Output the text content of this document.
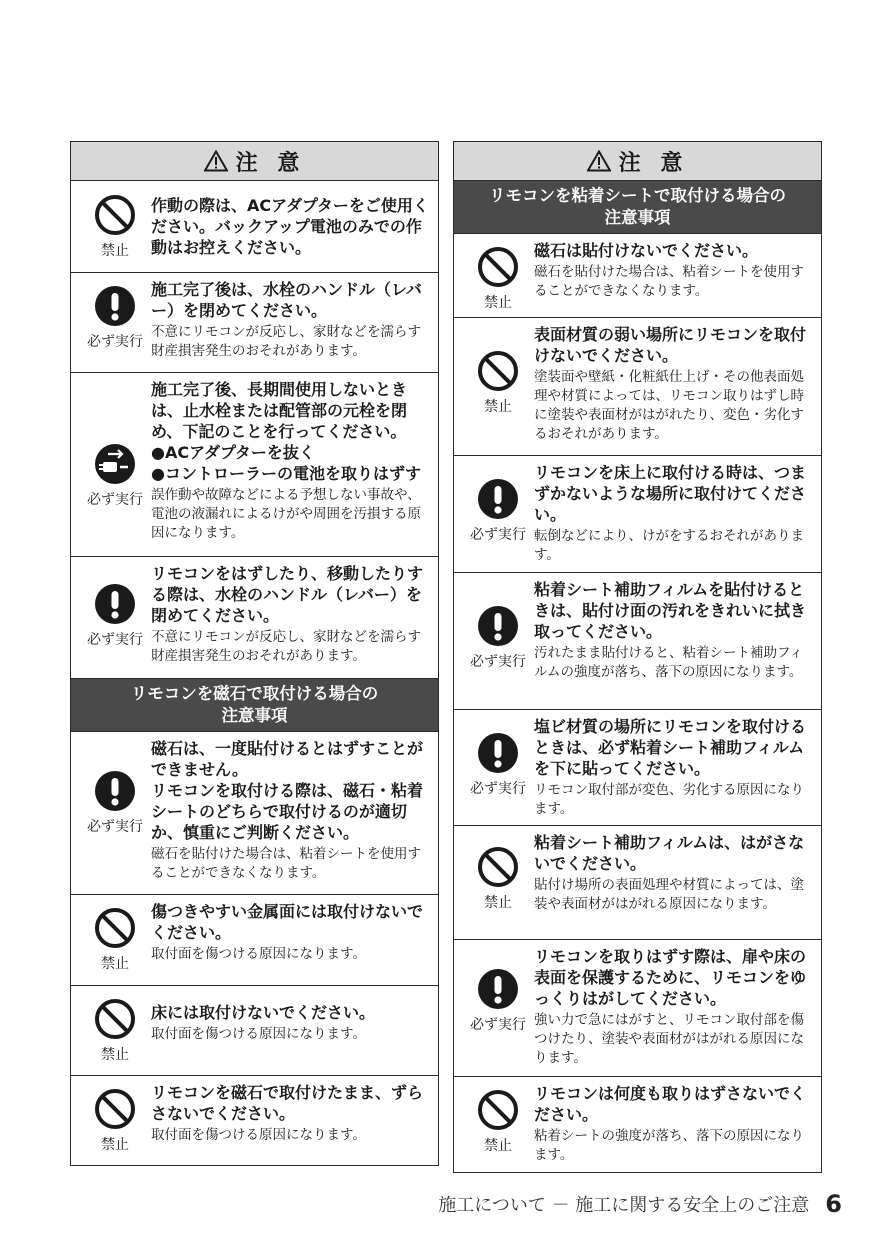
注 意
禁止
作動の際は、ACアダプターをご使用ください。バックアップ電池のみでの作動はお控えください。
必ず実行
施工完了後は、水栓のハンドル（レバー）を閉めてください。
不意にリモコンが反応し、家財などを濡らす財産損害発生のおそれがあります。
必ず実行
施工完了後、長期間使用しないときは、止水栓または配管部の元栓を閉め、下記のことを行ってください。
●ACアダプターを抜く
●コントローラーの電池を取りはずす
誤作動や故障などによる予想しない事故や、電池の液漏れによるけがや周囲を汚損する原因になります。
必ず実行
リモコンをはずしたり、移動したりする際は、水栓のハンドル（レバー）を閉めてください。
不意にリモコンが反応し、家財などを濡らす財産損害発生のおそれがあります。
リモコンを磁石で取付ける場合の
注意事項
必ず実行
磁石は、一度貼付けるとはずすことができません。
リモコンを取付ける際は、磁石・粘着シートのどちらで取付けるのが適切か、慎重にご判断ください。
磁石を貼付けた場合は、粘着シートを使用することができなくなります。
禁止
傷つきやすい金属面には取付けないでください。
取付面を傷つける原因になります。
禁止
床には取付けないでください。
取付面を傷つける原因になります。
禁止
リモコンを磁石で取付けたまま、ずらさないでください。
取付面を傷つける原因になります。
注 意
リモコンを粘着シートで取付ける場合の
注意事項
禁止
磁石は貼付けないでください。
磁石を貼付けた場合は、粘着シートを使用することができなくなります。
禁止
表面材質の弱い場所にリモコンを取付けないでください。
塗装面や壁紙・化粧紙仕上げ・その他表面処理や材質によっては、リモコン取りはずし時に塗装や表面材がはがれたり、変色・劣化するおそれがあります。
必ず実行
リモコンを床上に取付ける時は、つまずかないような場所に取付けてください。
転倒などにより、けがをするおそれがあります。
必ず実行
粘着シート補助フィルムを貼付けるときは、貼付け面の汚れをきれいに拭き取ってください。
汚れたまま貼付けると、粘着シート補助フィルムの強度が落ち、落下の原因になります。
必ず実行
塩ビ材質の場所にリモコンを取付けるときは、必ず粘着シート補助フィルムを下に貼ってください。
リモコン取付部が変色、劣化する原因になります。
禁止
粘着シート補助フィルムは、はがさないでください。
貼付け場所の表面処理や材質によっては、塗装や表面材がはがれる原因になります。
必ず実行
リモコンを取りはずす際は、扉や床の表面を保護するために、リモコンをゆっくりはがしてください。
強い力で急にはがすと、リモコン取付部を傷つけたり、塗装や表面材がはがれる原因になります。
禁止
リモコンは何度も取りはずさないでください。
粘着シートの強度が落ち、落下の原因になります。
施工について － 施工に関する安全上のご注意 6
